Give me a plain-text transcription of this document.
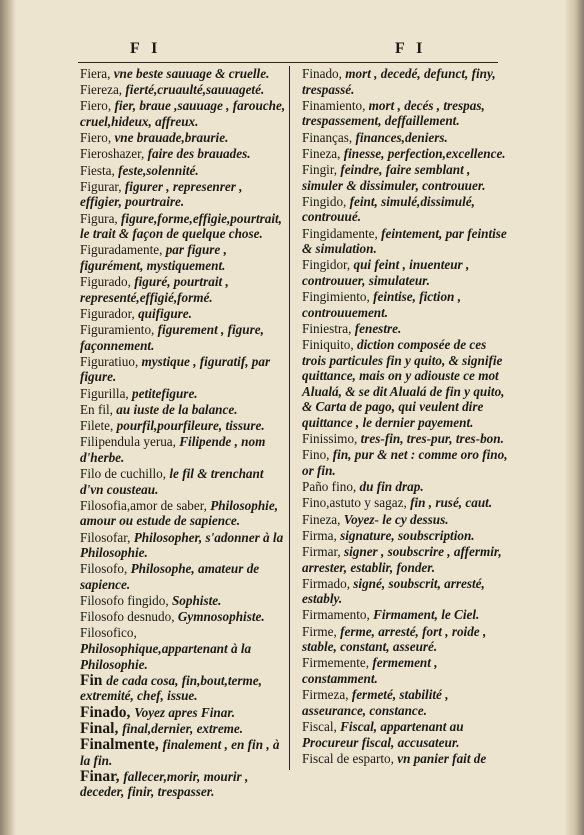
F I	F I
Fiera, vne beste sauuage & cruelle.
Fiereza, fierté,cruaulté,sauuageté.
Fiero, fier, braue ,sauuage , farouche, cruel,hideux, affreux.
Fiero, vne brauade,braurie.
Fieroshazer, faire des brauades.
Fiesta, feste,solennité.
Figurar, figurer , represenrer , effigier, pourtraire.
Figura, figure,forme,effigie,pourtrait, le trait & façon de quelque chose.
Figuradamente, par figure , figurément, mystiquement.
Figurado, figuré, pourtrait , representé,effigié,formé.
Figurador, quifigure.
Figuramiento, figurement , figure, façonnement.
Figuratiuo, mystique , figuratif, par figure.
Figurilla, petitefigure.
En fil, au iuste de la balance.
Filete, pourfil,pourfileure, tissure.
Filipendula yerua, Filipende , nom d'herbe.
Filo de cuchillo, le fil & trenchant d'vn cousteau.
Filosofia,amor de saber, Philosophie, amour ou estude de sapience.
Filosofar, Philosopher, s'adonner à la Philosophie.
Filosofo, Philosophe, amateur de sapience.
Filosofo fingido, Sophiste.
Filosofo desnudo, Gymnosophiste.
Filosofico, Philosophique,appartenant à la Philosophie.
Fin de cada cosa, fin,bout,terme, extremité, chef, issue.
Finado, Voyez apres Finar.
Final, final,dernier, extreme.
Finalmente, finalement , en fin , à la fin.
Finar, fallecer,morir, mourir , deceder, finir, trespasser.
Finado, mort , decedé, defunct, finy, trespassé.
Finamiento, mort , decés , trespas, trespassement, deffaillement.
Finanças, finances,deniers.
Fineza, finesse, perfection,excellence.
Fingir, feindre, faire semblant , simuler & dissimuler, controuuer.
Fingido, feint, simulé,dissimulé, controuué.
Fingidamente, feintement, par feintise & simulation.
Fingidor, qui feint , inuenteur , controuuer, simulateur.
Fingimiento, feintise, fiction , controuuement.
Finiestra, fenestre.
Finiquito, diction composée de ces trois particules fin y quito, & signifie quittance, mais on y adiouste ce mot Alualá, & se dit Alualá de fin y quito, & Carta de pago, qui veulent dire quittance , le dernier payement.
Finissimo, tres-fin, tres-pur, tres-bon.
Fino, fin, pur & net : comme oro fino, or fin.
Paño fino, du fin drap.
Fino,astuto y sagaz, fin , rusé, caut.
Fineza, Voyez- le cy dessus.
Firma, signature, soubscription.
Firmar, signer , soubscrire , affermir, arrester, establir, fonder.
Firmado, signé, soubscrit, arresté, estably.
Firmamento, Firmament, le Ciel.
Firme, ferme, arresté, fort , roide , stable, constant, asseuré.
Firmemente, fermement , constamment.
Firmeza, fermeté, stabilité , asseurance, constance.
Fiscal, Fiscal, appartenant au Procureur fiscal, accusateur.
Fiscal de esparto, vn panier fait de
